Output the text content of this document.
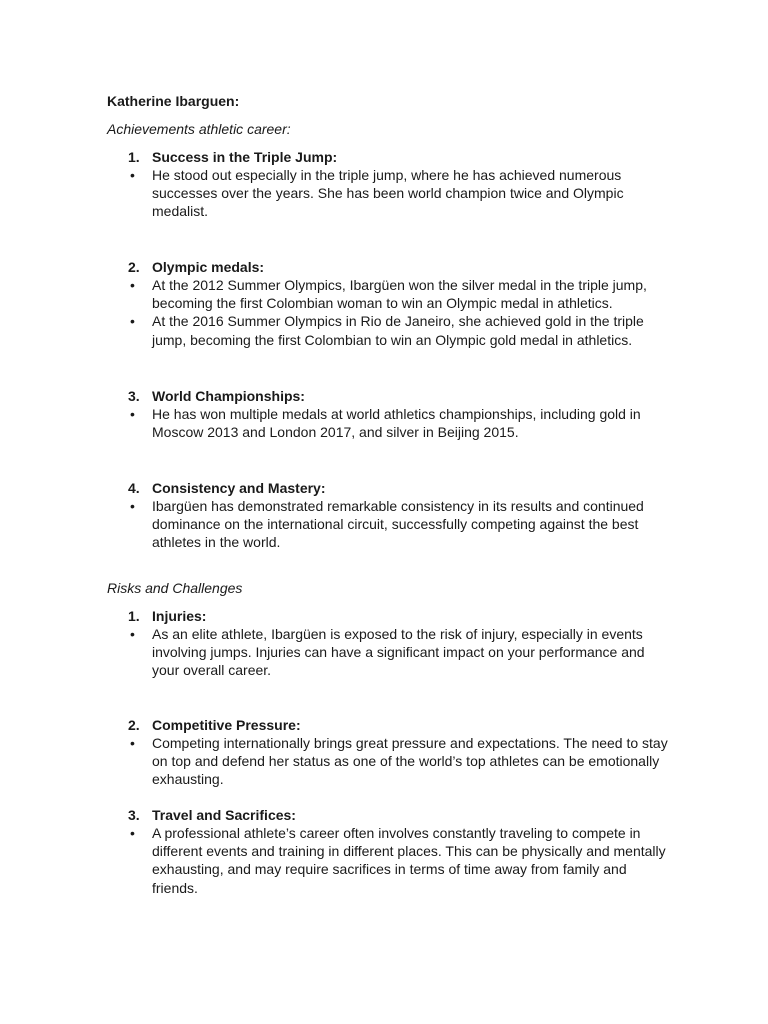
Katherine Ibarguen:
Achievements athletic career:
1. Success in the Triple Jump:
• He stood out especially in the triple jump, where he has achieved numerous successes over the years. She has been world champion twice and Olympic medalist.
2. Olympic medals:
• At the 2012 Summer Olympics, Ibargüen won the silver medal in the triple jump, becoming the first Colombian woman to win an Olympic medal in athletics.
• At the 2016 Summer Olympics in Rio de Janeiro, she achieved gold in the triple jump, becoming the first Colombian to win an Olympic gold medal in athletics.
3. World Championships:
• He has won multiple medals at world athletics championships, including gold in Moscow 2013 and London 2017, and silver in Beijing 2015.
4. Consistency and Mastery:
• Ibargüen has demonstrated remarkable consistency in its results and continued dominance on the international circuit, successfully competing against the best athletes in the world.
Risks and Challenges
1. Injuries:
• As an elite athlete, Ibargüen is exposed to the risk of injury, especially in events involving jumps. Injuries can have a significant impact on your performance and your overall career.
2. Competitive Pressure:
• Competing internationally brings great pressure and expectations. The need to stay on top and defend her status as one of the world’s top athletes can be emotionally exhausting.
3. Travel and Sacrifices:
• A professional athlete’s career often involves constantly traveling to compete in different events and training in different places. This can be physically and mentally exhausting, and may require sacrifices in terms of time away from family and friends.
